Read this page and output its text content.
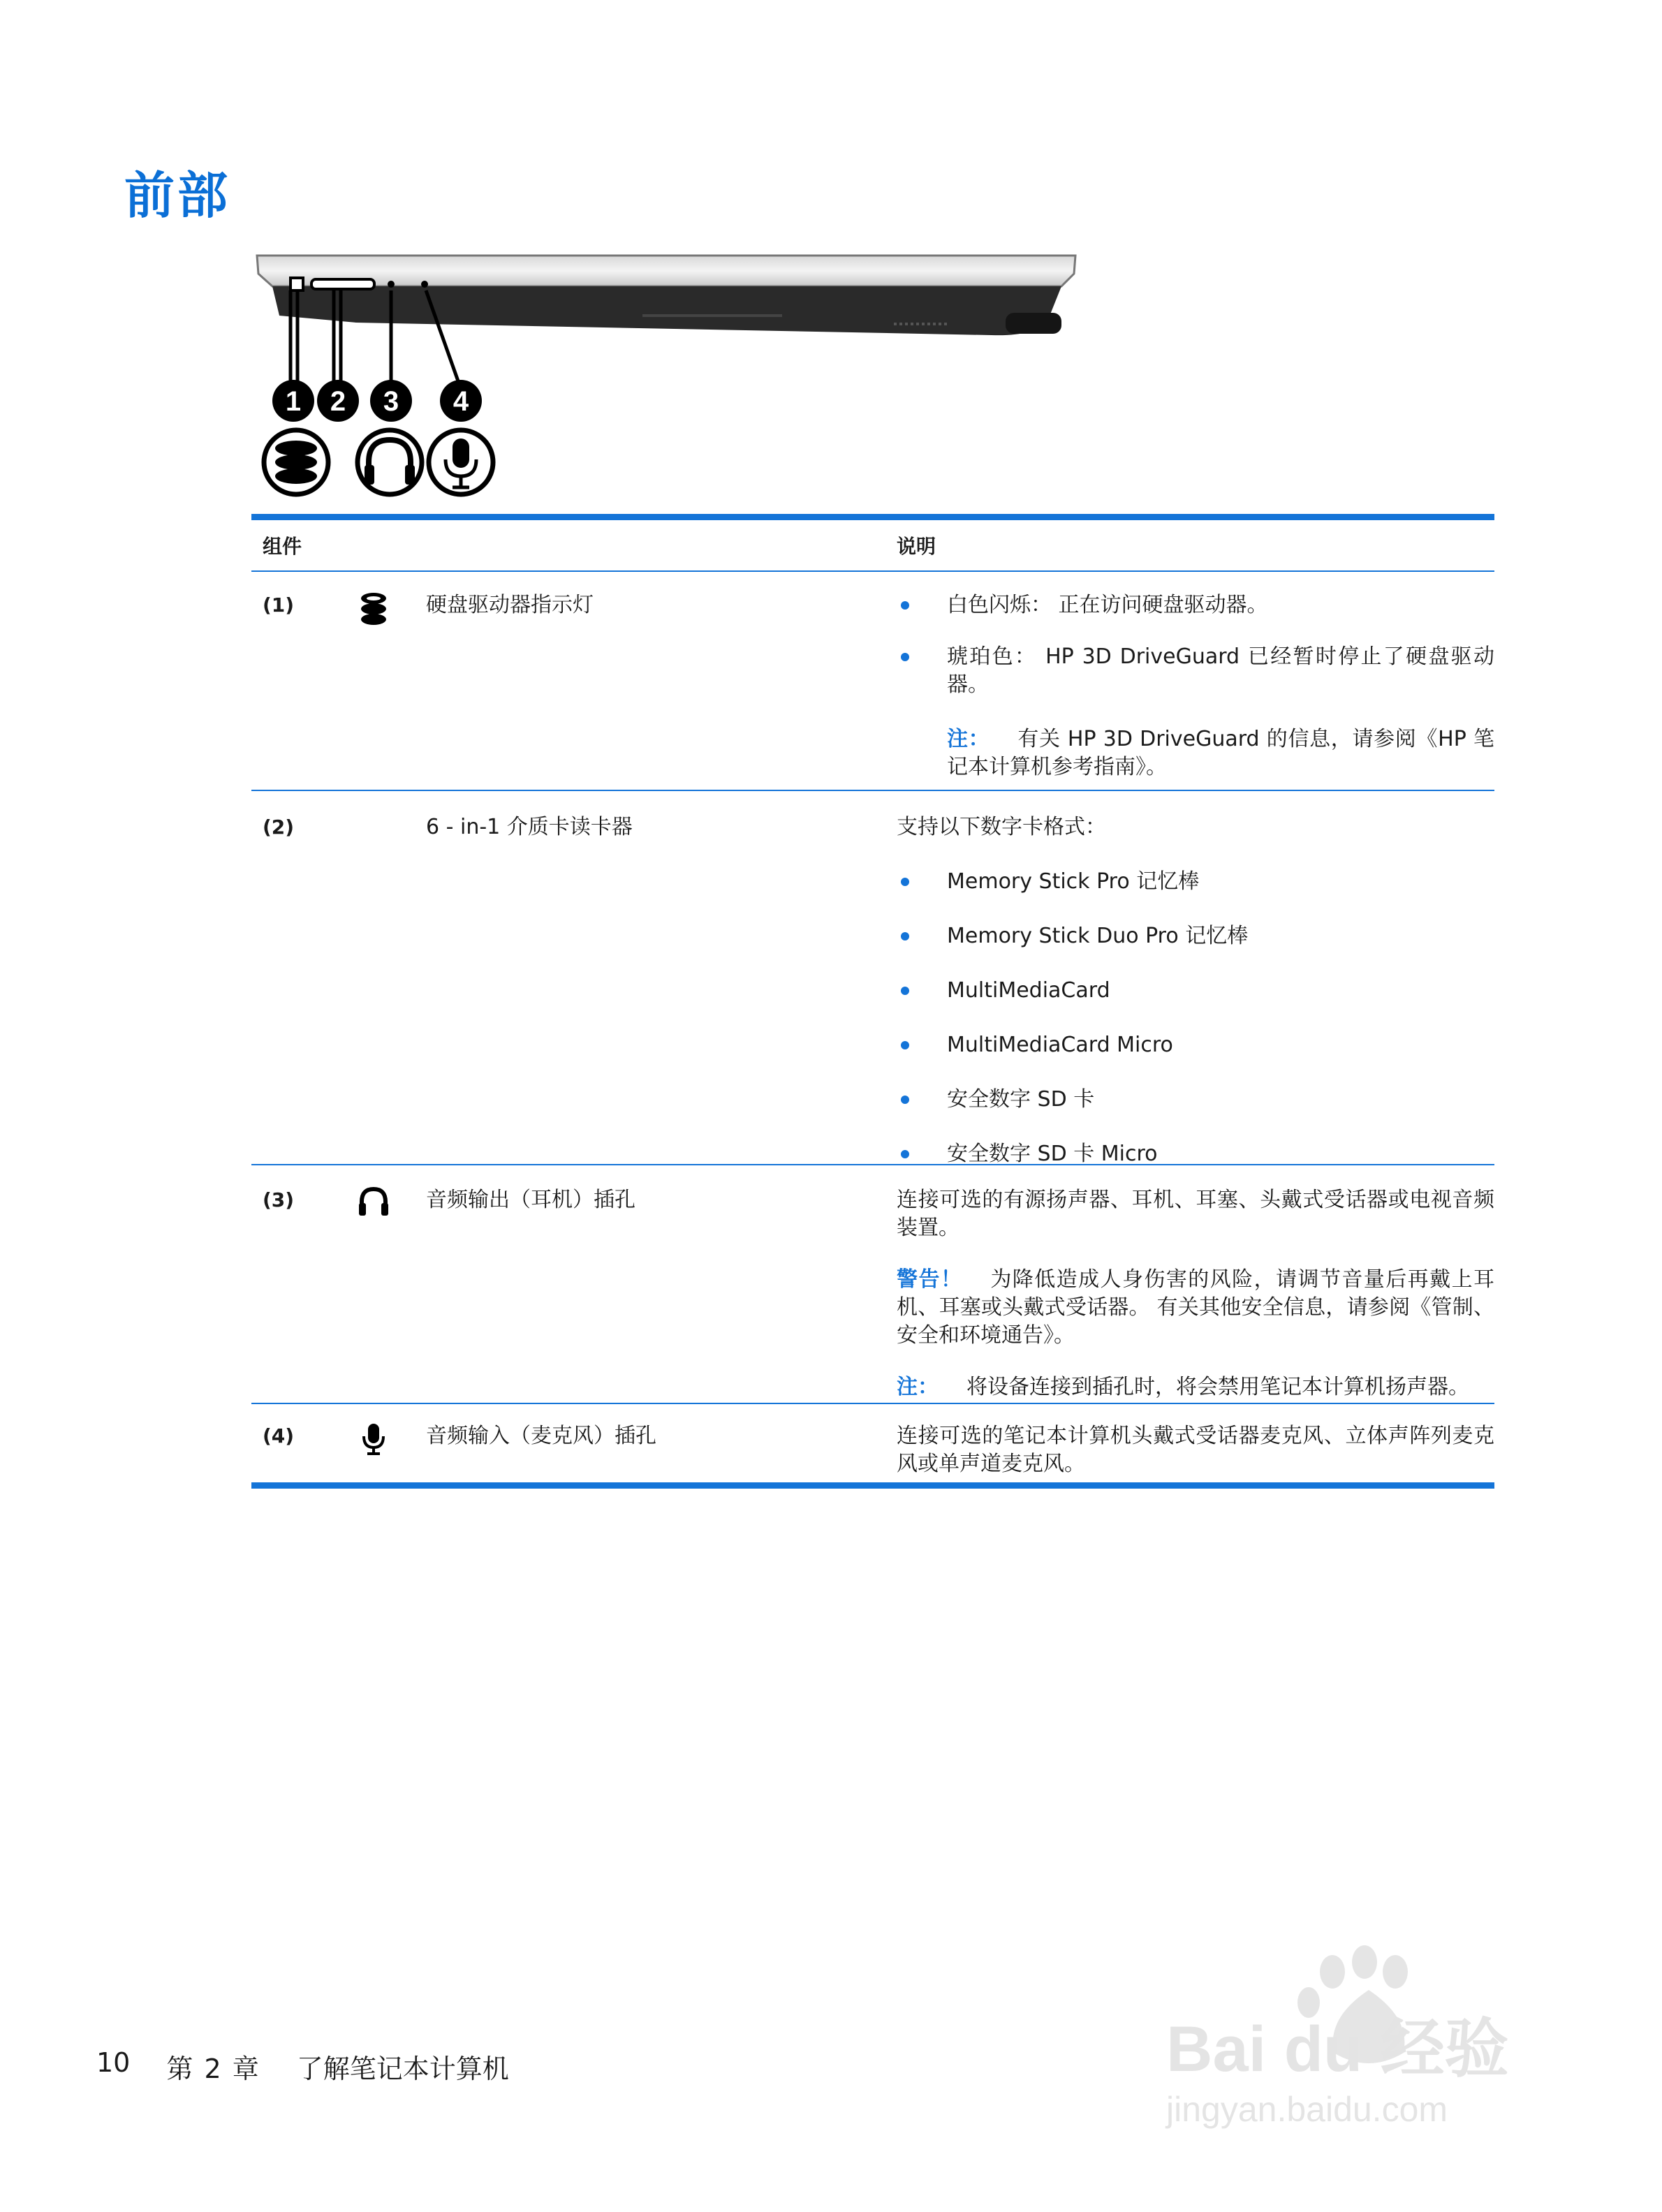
前部
1 2 3 4
组件	说明
(1)	硬盘驱动器指示灯	白色闪烁： 正在访问硬盘驱动器。
琥珀色： HP 3D DriveGuard 已经暂时停止了硬盘驱动器。
注： 有关 HP 3D DriveGuard 的信息，请参阅《HP 笔记本计算机参考指南》。
(2)	6 - in-1 介质卡读卡器	支持以下数字卡格式：
Memory Stick Pro 记忆棒
Memory Stick Duo Pro 记忆棒
MultiMediaCard
MultiMediaCard Micro
安全数字 SD 卡
安全数字 SD 卡 Micro
(3)	音频输出（耳机）插孔	连接可选的有源扬声器、耳机、耳塞、头戴式受话器或电视音频装置。
警告！ 为降低造成人身伤害的风险，请调节音量后再戴上耳机、耳塞或头戴式受话器。 有关其他安全信息，请参阅《管制、安全和环境通告》。
注： 将设备连接到插孔时，将会禁用笔记本计算机扬声器。
(4)	音频输入（麦克风）插孔	连接可选的笔记本计算机头戴式受话器麦克风、立体声阵列麦克风或单声道麦克风。
10 第 2 章 了解笔记本计算机	Bai du 经验
jingyan.baidu.com
